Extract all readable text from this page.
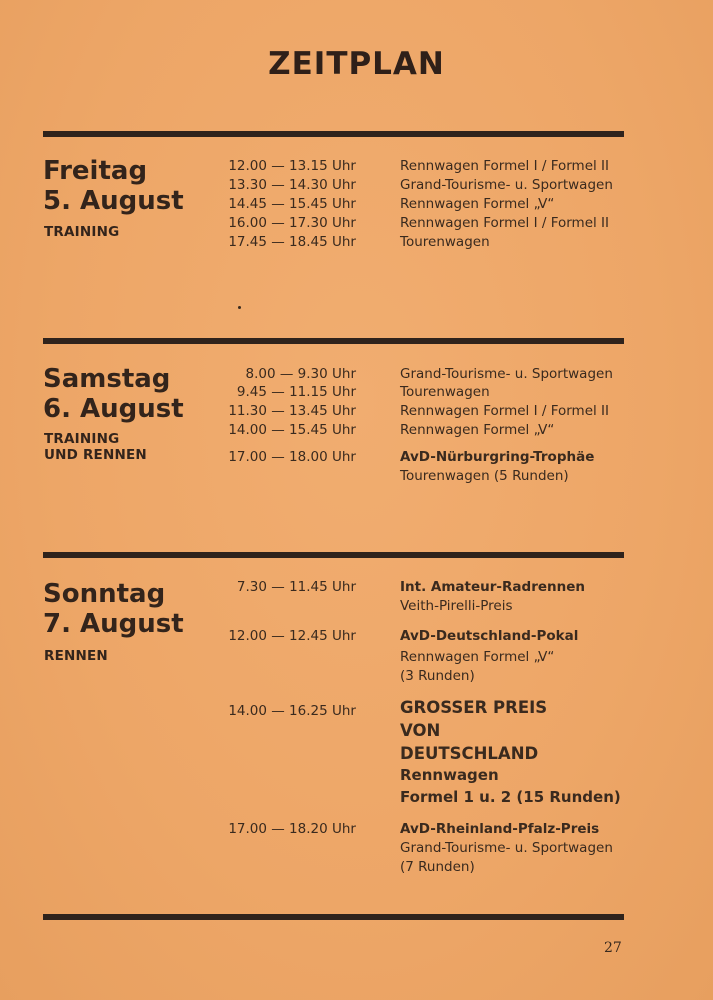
ZEITPLAN
Freitag
5. August
TRAINING
12.00 — 13.15 Uhr	Rennwagen Formel I / Formel II
13.30 — 14.30 Uhr	Grand-Tourisme- u. Sportwagen
14.45 — 15.45 Uhr	Rennwagen Formel „V“
16.00 — 17.30 Uhr	Rennwagen Formel I / Formel II
17.45 — 18.45 Uhr	Tourenwagen
Samstag
6. August
TRAINING
UND RENNEN
8.00 — 9.30 Uhr	Grand-Tourisme- u. Sportwagen
9.45 — 11.15 Uhr	Tourenwagen
11.30 — 13.45 Uhr	Rennwagen Formel I / Formel II
14.00 — 15.45 Uhr	Rennwagen Formel „V“
17.00 — 18.00 Uhr	AvD-Nürburgring-Trophäe
Tourenwagen (5 Runden)
Sonntag
7. August
RENNEN
7.30 — 11.45 Uhr	Int. Amateur-Radrennen
Veith-Pirelli-Preis
12.00 — 12.45 Uhr	AvD-Deutschland-Pokal
Rennwagen Formel „V“
(3 Runden)
14.00 — 16.25 Uhr	GROSSER PREIS
VON
DEUTSCHLAND
Rennwagen
Formel 1 u. 2 (15 Runden)
17.00 — 18.20 Uhr	AvD-Rheinland-Pfalz-Preis
Grand-Tourisme- u. Sportwagen
(7 Runden)
27
